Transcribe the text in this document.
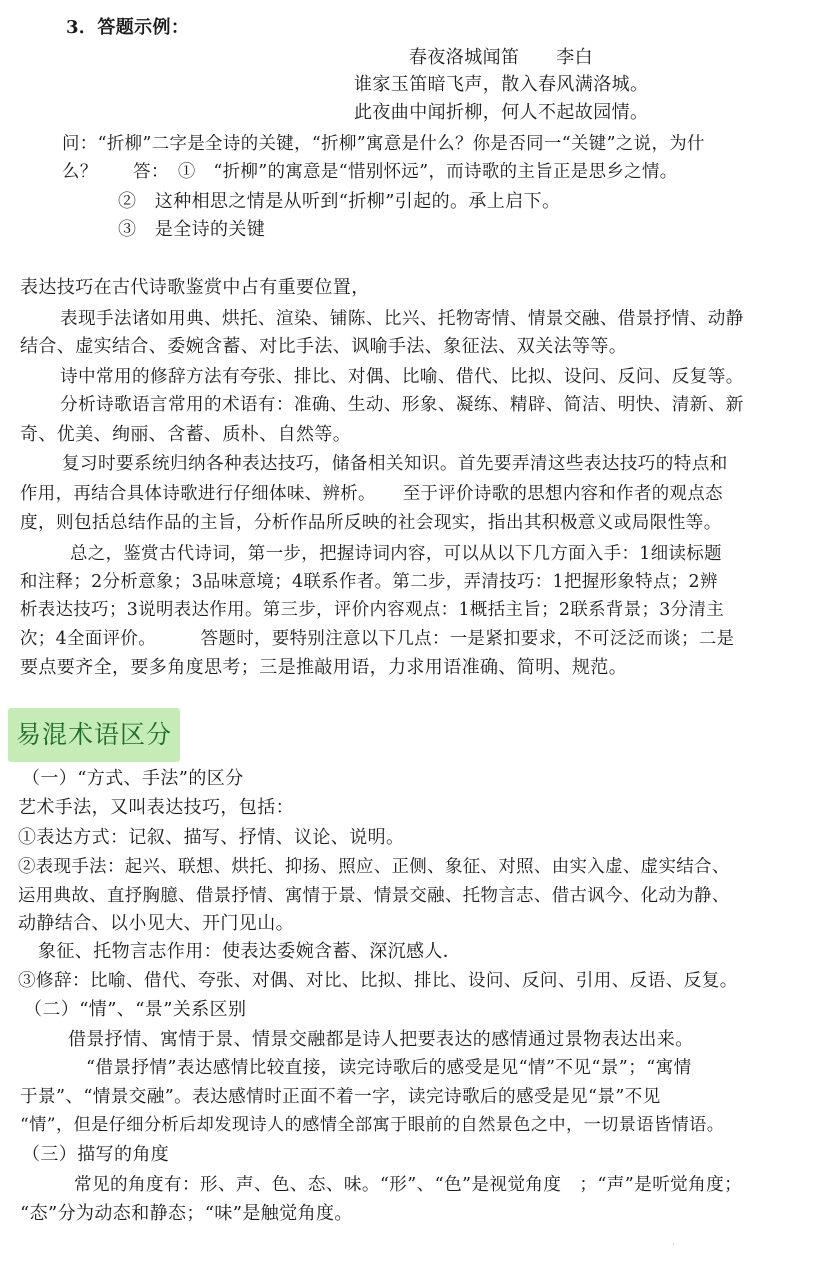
3．答题示例：
春夜洛城闻笛　　李白
谁家玉笛暗飞声，散入春风满洛城。
此夜曲中闻折柳，何人不起故园情。
问：“折柳”二字是全诗的关键，“折柳”寓意是什么？你是否同一“关键”之说，为什
么？　　答：　①　“折柳”的寓意是“惜别怀远”，而诗歌的主旨正是思乡之情。
②　这种相思之情是从听到“折柳”引起的。承上启下。
③　是全诗的关键
表达技巧在古代诗歌鉴赏中占有重要位置，
表现手法诸如用典、烘托、渲染、铺陈、比兴、托物寄情、情景交融、借景抒情、动静
结合、虚实结合、委婉含蓄、对比手法、讽喻手法、象征法、双关法等等。
诗中常用的修辞方法有夸张、排比、对偶、比喻、借代、比拟、设问、反问、反复等。
分析诗歌语言常用的术语有：准确、生动、形象、凝练、精辟、简洁、明快、清新、新
奇、优美、绚丽、含蓄、质朴、自然等。
复习时要系统归纳各种表达技巧，储备相关知识。首先要弄清这些表达技巧的特点和
作用，再结合具体诗歌进行仔细体味、辨析。　　至于评价诗歌的思想内容和作者的观点态
度，则包括总结作品的主旨，分析作品所反映的社会现实，指出其积极意义或局限性等。
总之，鉴赏古代诗词，第一步，把握诗词内容，可以从以下几方面入手：1细读标题
和注释；2分析意象；3品味意境；4联系作者。第二步，弄清技巧：1把握形象特点；2辨
析表达技巧；3说明表达作用。第三步，评价内容观点：1概括主旨；2联系背景；3分清主
次；4全面评价。　　　答题时，要特别注意以下几点：一是紧扣要求，不可泛泛而谈；二是
要点要齐全，要多角度思考；三是推敲用语，力求用语准确、简明、规范。
易混术语区分
（一）“方式、手法”的区分
艺术手法，又叫表达技巧，包括：
①表达方式：记叙、描写、抒情、议论、说明。
②表现手法：起兴、联想、烘托、抑扬、照应、正侧、象征、对照、由实入虚、虚实结合、
运用典故、直抒胸臆、借景抒情、寓情于景、情景交融、托物言志、借古讽今、化动为静、
动静结合、以小见大、开门见山。
象征、托物言志作用：使表达委婉含蓄、深沉感人．
③修辞：比喻、借代、夸张、对偶、对比、比拟、排比、设问、反问、引用、反语、反复。
（二）“情”、“景”关系区别
借景抒情、寓情于景、情景交融都是诗人把要表达的感情通过景物表达出来。
“借景抒情”表达感情比较直接，读完诗歌后的感受是见“情”不见“景”；“寓情
于景”、“情景交融”。表达感情时正面不着一字，读完诗歌后的感受是见“景”不见
“情”，但是仔细分析后却发现诗人的感情全部寓于眼前的自然景色之中，一切景语皆情语。
（三）描写的角度
常见的角度有：形、声、色、态、味。“形”、“色”是视觉角度　；“声”是听觉角度；
“态”分为动态和静态；“味”是触觉角度。
·
